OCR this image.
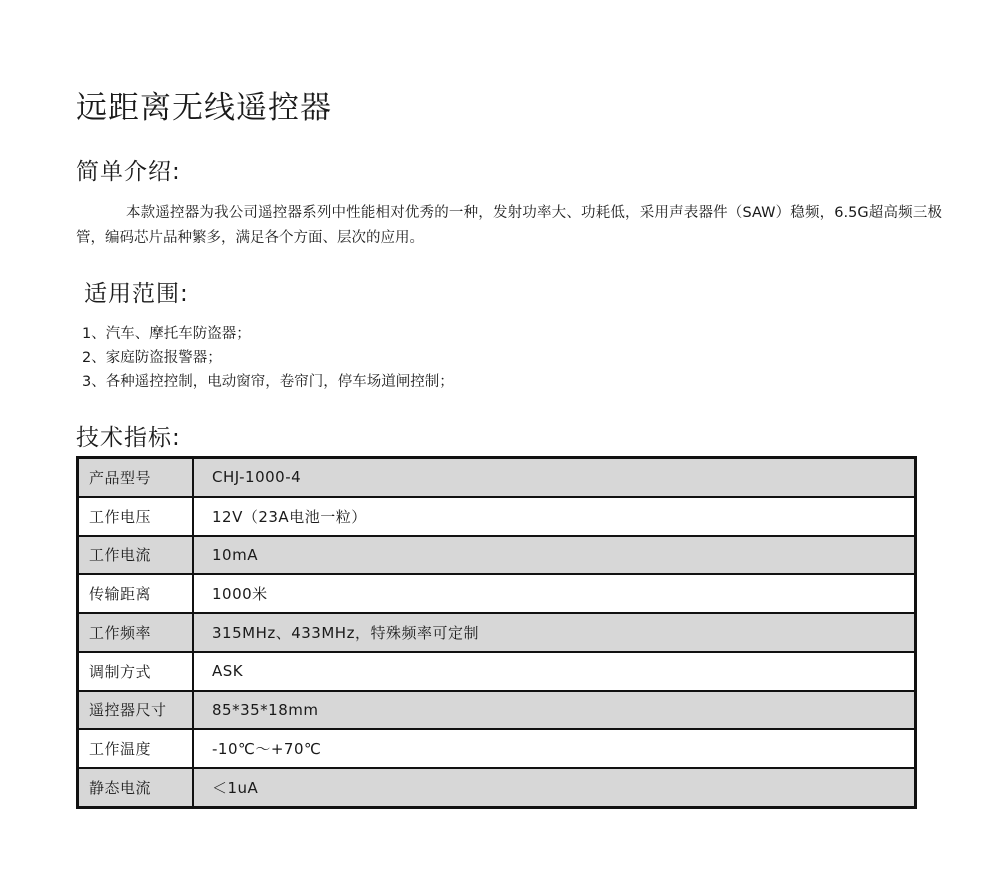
远距离无线遥控器
简单介绍:

本款遥控器为我公司遥控器系列中性能相对优秀的一种，发射功率大、功耗低，采用声表器件（SAW）稳频，6.5G超高频三极管，编码芯片品种繁多，满足各个方面、层次的应用。

适用范围:
1、汽车、摩托车防盗器；
2、家庭防盗报警器；
3、各种遥控控制，电动窗帘，卷帘门，停车场道闸控制；
技术指标:
产品型号	CHJ-1000-4
工作电压	12V（23A电池一粒）
工作电流	10mA
传输距离	1000米
工作频率	315MHz、433MHz，特殊频率可定制
调制方式	ASK
遥控器尺寸	85*35*18mm
工作温度	-10℃～+70℃
静态电流	＜1uA
